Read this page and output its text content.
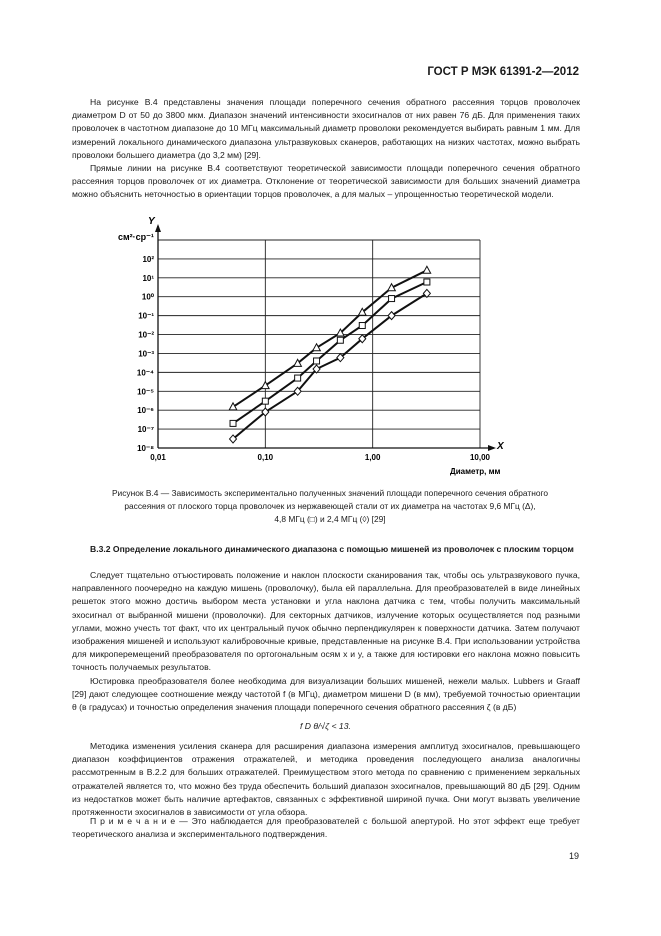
ГОСТ Р МЭК 61391-2—2012

На рисунке В.4 представлены значения площади поперечного сечения обратного рассеяния торцов проволочек диаметром D от 50 до 3800 мкм. Диапазон значений интенсивности эхосигналов от них равен 76 дБ. Для применения таких проволочек в частотном диапазоне до 10 МГц максимальный диаметр проволоки рекомендуется выбирать равным 1 мм. Для измерений локального динамического диапазона ультразвуковых сканеров, работающих на низких частотах, можно выбрать проволоки большего диаметра (до 3,2 мм) [29].

Прямые линии на рисунке В.4 соответствуют теоретической зависимости площади поперечного сечения обратного рассеяния торцов проволочек от их диаметра. Отклонение от теоретической зависимости для больших значений диаметра можно объяснить неточностью в ориентации торцов проволочек, а для малых – упрощенностью теоретической модели.

10²
10¹
10⁰
10⁻¹
10⁻²
10⁻³
10⁻⁴
10⁻⁵
10⁻⁶
10⁻⁷
10⁻⁸
0,01	0,10	1,00	10,00
см²·ср⁻¹
Y
X
Диаметр, мм
Рисунок В.4 — Зависимость экспериментально полученных значений площади поперечного сечения обратного
рассеяния от плоского торца проволочек из нержавеющей стали от их диаметра на частотах 9,6 МГц (Δ),
4,8 МГц (□) и 2,4 МГц (◊) [29]
В.3.2 Определение локального динамического диапазона с помощью мишеней из проволочек с плоским торцом

Следует тщательно отъюстировать положение и наклон плоскости сканирования так, чтобы ось ультразвукового пучка, направленного поочередно на каждую мишень (проволочку), была ей параллельна. Для преобразователей в виде линейных решеток этого можно достичь выбором места установки и угла наклона датчика с тем, чтобы получить максимальный эхосигнал от выбранной мишени (проволочки). Для секторных датчиков, излучение которых осуществляется под разными углами, можно учесть тот факт, что их центральный пучок обычно перпендикулярен к поверхности датчика. Затем получают изображения мишеней и используют калибровочные кривые, представленные на рисунке В.4. При использовании устройства для микроперемещений преобразователя по ортогональным осям x и y, а также для юстировки его наклона можно повысить точность получаемых результатов.

Юстировка преобразователя более необходима для визуализации больших мишеней, нежели малых. Lubbers и Graaff [29] дают следующее соотношение между частотой f (в МГц), диаметром мишени D (в мм), требуемой точностью ориентации θ (в градусах) и точностью определения значения площади поперечного сечения обратного рассеяния ζ (в дБ)

f D θ/√ζ < 13.

Методика изменения усиления сканера для расширения диапазона измерения амплитуд эхосигналов, превышающего диапазон коэффициентов отражения отражателей, и методика проведения последующего анализа аналогичны рассмотренным в В.2.2 для больших отражателей. Преимуществом этого метода по сравнению с применением зеркальных отражателей является то, что можно без труда обеспечить больший диапазон эхосигналов, превышающий 80 дБ [29]. Одним из недостатков может быть наличие артефактов, связанных с эффективной шириной пучка. Они могут вызвать увеличение протяженности эхосигналов в зависимости от угла обзора.

П р и м е ч а н и е — Это наблюдается для преобразователей с большой апертурой. Но этот эффект еще требует теоретического анализа и экспериментального подтверждения.
19
